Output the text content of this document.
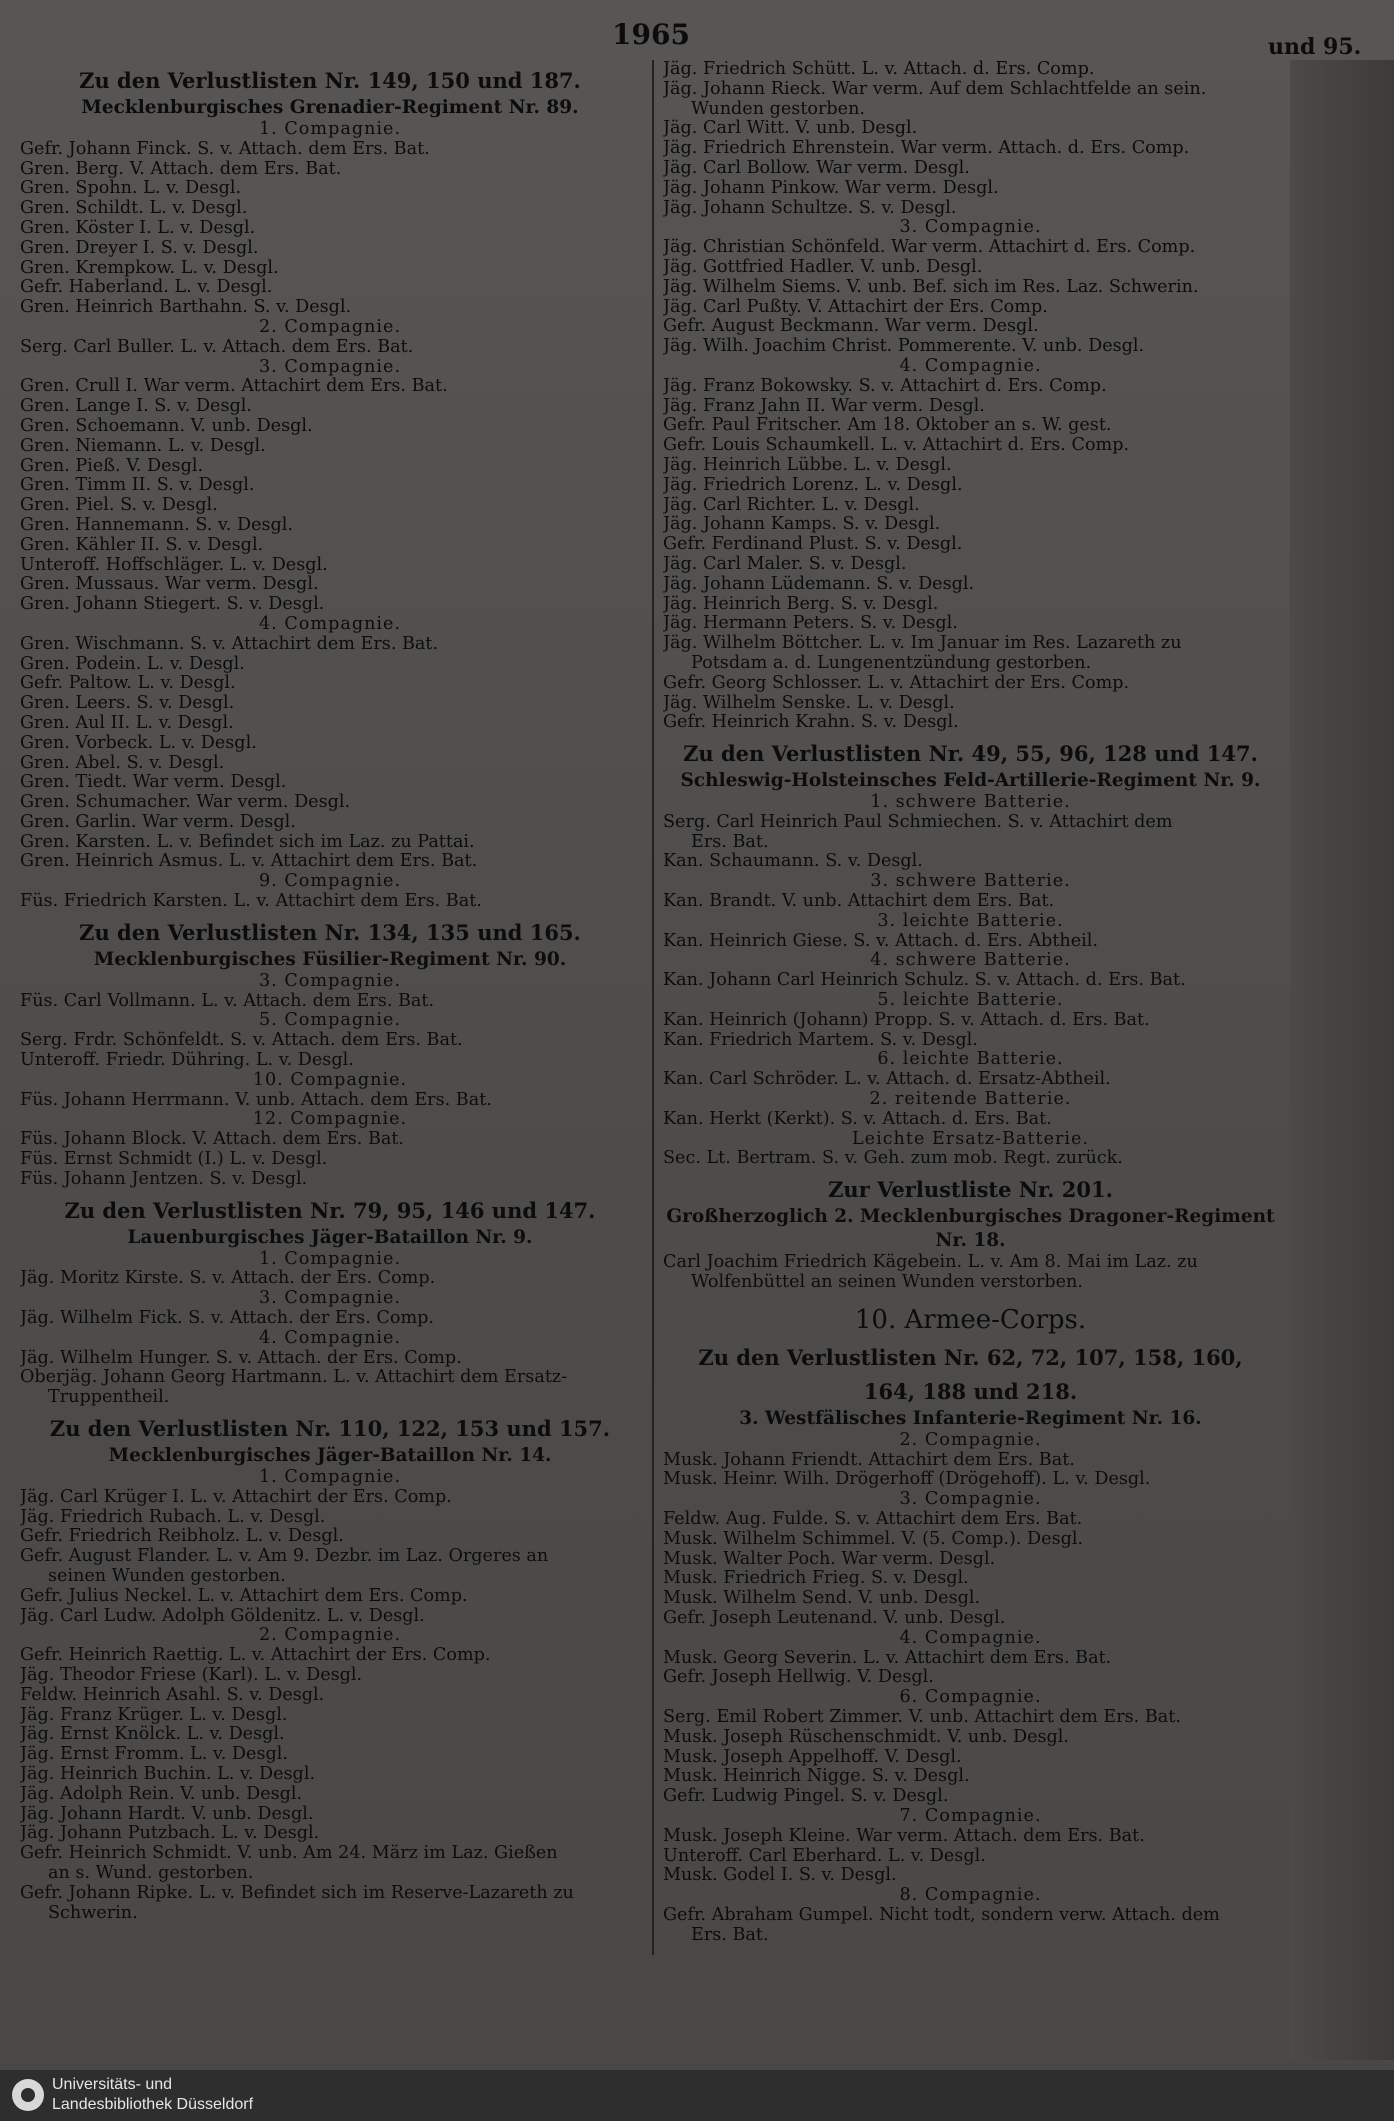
1965	und 95.
Zu den Verlustlisten Nr. 149, 150 und 187.
Mecklenburgisches Grenadier-Regiment Nr. 89.
1. Compagnie.
Gefr. Johann Finck. S. v. Attach. dem Ers. Bat.
Gren. Berg. V. Attach. dem Ers. Bat.
Gren. Spohn. L. v. Desgl.
Gren. Schildt. L. v. Desgl.
Gren. Köster I. L. v. Desgl.
Gren. Dreyer I. S. v. Desgl.
Gren. Krempkow. L. v. Desgl.
Gefr. Haberland. L. v. Desgl.
Gren. Heinrich Barthahn. S. v. Desgl.
2. Compagnie.
Serg. Carl Buller. L. v. Attach. dem Ers. Bat.
3. Compagnie.
Gren. Crull I. War verm. Attachirt dem Ers. Bat.
Gren. Lange I. S. v. Desgl.
Gren. Schoemann. V. unb. Desgl.
Gren. Niemann. L. v. Desgl.
Gren. Pieß. V. Desgl.
Gren. Timm II. S. v. Desgl.
Gren. Piel. S. v. Desgl.
Gren. Hannemann. S. v. Desgl.
Gren. Kähler II. S. v. Desgl.
Unteroff. Hoffschläger. L. v. Desgl.
Gren. Mussaus. War verm. Desgl.
Gren. Johann Stiegert. S. v. Desgl.
4. Compagnie.
Gren. Wischmann. S. v. Attachirt dem Ers. Bat.
Gren. Podein. L. v. Desgl.
Gefr. Paltow. L. v. Desgl.
Gren. Leers. S. v. Desgl.
Gren. Aul II. L. v. Desgl.
Gren. Vorbeck. L. v. Desgl.
Gren. Abel. S. v. Desgl.
Gren. Tiedt. War verm. Desgl.
Gren. Schumacher. War verm. Desgl.
Gren. Garlin. War verm. Desgl.
Gren. Karsten. L. v. Befindet sich im Laz. zu Pattai.
Gren. Heinrich Asmus. L. v. Attachirt dem Ers. Bat.
9. Compagnie.
Füs. Friedrich Karsten. L. v. Attachirt dem Ers. Bat.
Zu den Verlustlisten Nr. 134, 135 und 165.
Mecklenburgisches Füsilier-Regiment Nr. 90.
3. Compagnie.
Füs. Carl Vollmann. L. v. Attach. dem Ers. Bat.
5. Compagnie.
Serg. Frdr. Schönfeldt. S. v. Attach. dem Ers. Bat.
Unteroff. Friedr. Dühring. L. v. Desgl.
10. Compagnie.
Füs. Johann Herrmann. V. unb. Attach. dem Ers. Bat.
12. Compagnie.
Füs. Johann Block. V. Attach. dem Ers. Bat.
Füs. Ernst Schmidt (I.) L. v. Desgl.
Füs. Johann Jentzen. S. v. Desgl.
Zu den Verlustlisten Nr. 79, 95, 146 und 147.
Lauenburgisches Jäger-Bataillon Nr. 9.
1. Compagnie.
Jäg. Moritz Kirste. S. v. Attach. der Ers. Comp.
3. Compagnie.
Jäg. Wilhelm Fick. S. v. Attach. der Ers. Comp.
4. Compagnie.
Jäg. Wilhelm Hunger. S. v. Attach. der Ers. Comp.
Oberjäg. Johann Georg Hartmann. L. v. Attachirt dem Ersatz-
Truppentheil.
Zu den Verlustlisten Nr. 110, 122, 153 und 157.
Mecklenburgisches Jäger-Bataillon Nr. 14.
1. Compagnie.
Jäg. Carl Krüger I. L. v. Attachirt der Ers. Comp.
Jäg. Friedrich Rubach. L. v. Desgl.
Gefr. Friedrich Reibholz. L. v. Desgl.
Gefr. August Flander. L. v. Am 9. Dezbr. im Laz. Orgeres an
seinen Wunden gestorben.
Gefr. Julius Neckel. L. v. Attachirt dem Ers. Comp.
Jäg. Carl Ludw. Adolph Göldenitz. L. v. Desgl.
2. Compagnie.
Gefr. Heinrich Raettig. L. v. Attachirt der Ers. Comp.
Jäg. Theodor Friese (Karl). L. v. Desgl.
Feldw. Heinrich Asahl. S. v. Desgl.
Jäg. Franz Krüger. L. v. Desgl.
Jäg. Ernst Knölck. L. v. Desgl.
Jäg. Ernst Fromm. L. v. Desgl.
Jäg. Heinrich Buchin. L. v. Desgl.
Jäg. Adolph Rein. V. unb. Desgl.
Jäg. Johann Hardt. V. unb. Desgl.
Jäg. Johann Putzbach. L. v. Desgl.
Gefr. Heinrich Schmidt. V. unb. Am 24. März im Laz. Gießen
an s. Wund. gestorben.
Gefr. Johann Ripke. L. v. Befindet sich im Reserve-Lazareth zu
Schwerin.
Jäg. Friedrich Schütt. L. v. Attach. d. Ers. Comp.
Jäg. Johann Rieck. War verm. Auf dem Schlachtfelde an sein.
Wunden gestorben.
Jäg. Carl Witt. V. unb. Desgl.
Jäg. Friedrich Ehrenstein. War verm. Attach. d. Ers. Comp.
Jäg. Carl Bollow. War verm. Desgl.
Jäg. Johann Pinkow. War verm. Desgl.
Jäg. Johann Schultze. S. v. Desgl.
3. Compagnie.
Jäg. Christian Schönfeld. War verm. Attachirt d. Ers. Comp.
Jäg. Gottfried Hadler. V. unb. Desgl.
Jäg. Wilhelm Siems. V. unb. Bef. sich im Res. Laz. Schwerin.
Jäg. Carl Pußty. V. Attachirt der Ers. Comp.
Gefr. August Beckmann. War verm. Desgl.
Jäg. Wilh. Joachim Christ. Pommerente. V. unb. Desgl.
4. Compagnie.
Jäg. Franz Bokowsky. S. v. Attachirt d. Ers. Comp.
Jäg. Franz Jahn II. War verm. Desgl.
Gefr. Paul Fritscher. Am 18. Oktober an s. W. gest.
Gefr. Louis Schaumkell. L. v. Attachirt d. Ers. Comp.
Jäg. Heinrich Lübbe. L. v. Desgl.
Jäg. Friedrich Lorenz. L. v. Desgl.
Jäg. Carl Richter. L. v. Desgl.
Jäg. Johann Kamps. S. v. Desgl.
Gefr. Ferdinand Plust. S. v. Desgl.
Jäg. Carl Maler. S. v. Desgl.
Jäg. Johann Lüdemann. S. v. Desgl.
Jäg. Heinrich Berg. S. v. Desgl.
Jäg. Hermann Peters. S. v. Desgl.
Jäg. Wilhelm Böttcher. L. v. Im Januar im Res. Lazareth zu
Potsdam a. d. Lungenentzündung gestorben.
Gefr. Georg Schlosser. L. v. Attachirt der Ers. Comp.
Jäg. Wilhelm Senske. L. v. Desgl.
Gefr. Heinrich Krahn. S. v. Desgl.
Zu den Verlustlisten Nr. 49, 55, 96, 128 und 147.
Schleswig-Holsteinsches Feld-Artillerie-Regiment Nr. 9.
1. schwere Batterie.
Serg. Carl Heinrich Paul Schmiechen. S. v. Attachirt dem
Ers. Bat.
Kan. Schaumann. S. v. Desgl.
3. schwere Batterie.
Kan. Brandt. V. unb. Attachirt dem Ers. Bat.
3. leichte Batterie.
Kan. Heinrich Giese. S. v. Attach. d. Ers. Abtheil.
4. schwere Batterie.
Kan. Johann Carl Heinrich Schulz. S. v. Attach. d. Ers. Bat.
5. leichte Batterie.
Kan. Heinrich (Johann) Propp. S. v. Attach. d. Ers. Bat.
Kan. Friedrich Martem. S. v. Desgl.
6. leichte Batterie.
Kan. Carl Schröder. L. v. Attach. d. Ersatz-Abtheil.
2. reitende Batterie.
Kan. Herkt (Kerkt). S. v. Attach. d. Ers. Bat.
Leichte Ersatz-Batterie.
Sec. Lt. Bertram. S. v. Geh. zum mob. Regt. zurück.
Zur Verlustliste Nr. 201.
Großherzoglich 2. Mecklenburgisches Dragoner-Regiment
Nr. 18.
Carl Joachim Friedrich Kägebein. L. v. Am 8. Mai im Laz. zu
Wolfenbüttel an seinen Wunden verstorben.
10. Armee-Corps.
Zu den Verlustlisten Nr. 62, 72, 107, 158, 160,
164, 188 und 218.
3. Westfälisches Infanterie-Regiment Nr. 16.
2. Compagnie.
Musk. Johann Friendt. Attachirt dem Ers. Bat.
Musk. Heinr. Wilh. Drögerhoff (Drögehoff). L. v. Desgl.
3. Compagnie.
Feldw. Aug. Fulde. S. v. Attachirt dem Ers. Bat.
Musk. Wilhelm Schimmel. V. (5. Comp.). Desgl.
Musk. Walter Poch. War verm. Desgl.
Musk. Friedrich Frieg. S. v. Desgl.
Musk. Wilhelm Send. V. unb. Desgl.
Gefr. Joseph Leutenand. V. unb. Desgl.
4. Compagnie.
Musk. Georg Severin. L. v. Attachirt dem Ers. Bat.
Gefr. Joseph Hellwig. V. Desgl.
6. Compagnie.
Serg. Emil Robert Zimmer. V. unb. Attachirt dem Ers. Bat.
Musk. Joseph Rüschenschmidt. V. unb. Desgl.
Musk. Joseph Appelhoff. V. Desgl.
Musk. Heinrich Nigge. S. v. Desgl.
Gefr. Ludwig Pingel. S. v. Desgl.
7. Compagnie.
Musk. Joseph Kleine. War verm. Attach. dem Ers. Bat.
Unteroff. Carl Eberhard. L. v. Desgl.
Musk. Godel I. S. v. Desgl.
8. Compagnie.
Gefr. Abraham Gumpel. Nicht todt, sondern verw. Attach. dem
Ers. Bat.
Universitäts- und
Landesbibliothek Düsseldorf
